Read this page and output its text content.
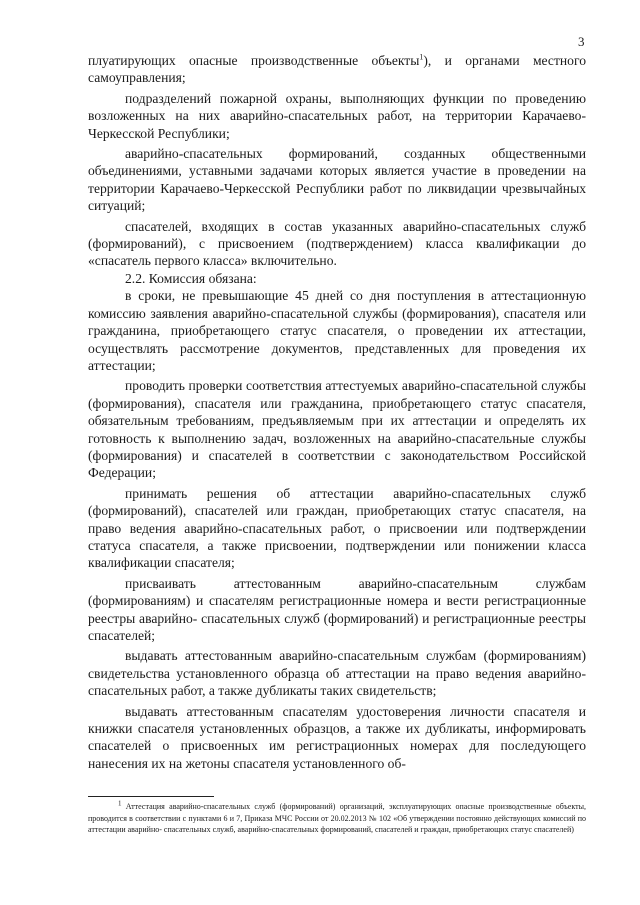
3

плуатирующих опасные производственные объекты$^1$), и органами местного самоуправления;

подразделений пожарной охраны, выполняющих функции по проведению возложенных на них аварийно-спасательных работ, на территории Карачаево-Черкесской Республики;

аварийно-спасательных формирований, созданных общественными объединениями, уставными задачами которых является участие в проведении на территории Карачаево-Черкесской Республики работ по ликвидации чрезвычайных ситуаций;

спасателей, входящих в состав указанных аварийно-спасательных служб (формирований), с присвоением (подтверждением) класса квалификации до «спасатель первого класса» включительно.

2.2. Комиссия обязана:

в сроки, не превышающие 45 дней со дня поступления в аттестационную комиссию заявления аварийно-спасательной службы (формирования), спасателя или гражданина, приобретающего статус спасателя, о проведении их аттестации, осуществлять рассмотрение документов, представленных для проведения их аттестации;

проводить проверки соответствия аттестуемых аварийно-спасательной службы (формирования), спасателя или гражданина, приобретающего статус спасателя, обязательным требованиям, предъявляемым при их аттестации и определять их готовность к выполнению задач, возложенных на аварийно-спасательные службы (формирования) и спасателей в соответствии с законодательством Российской Федерации;

принимать решения об аттестации аварийно-спасательных служб (формирований), спасателей или граждан, приобретающих статус спасателя, на право ведения аварийно-спасательных работ, о присвоении или подтверждении статуса спасателя, а также присвоении, подтверждении или понижении класса квалификации спасателя;

присваивать аттестованным аварийно-спасательным службам (формированиям) и спасателям регистрационные номера и вести регистрационные реестры аварийно- спасательных служб (формирований) и регистрационные реестры спасателей;

выдавать аттестованным аварийно-спасательным службам (формированиям) свидетельства установленного образца об аттестации на право ведения аварийно- спасательных работ, а также дубликаты таких свидетельств;

выдавать аттестованным спасателям удостоверения личности спасателя и книжки спасателя установленных образцов, а также их дубликаты, информировать спасателей о присвоенных им регистрационных номерах для последующего нанесения их на жетоны спасателя установленного об-

$^1$ Аттестация аварийно-спасательных служб (формирований) организаций, эксплуатирующих опасные производственные объекты, проводится в соответствии с пунктами 6 и 7, Приказа МЧС России от 20.02.2013 № 102 «Об утверждении постоянно действующих комиссий по аттестации аварийно- спасательных служб, аварийно-спасательных формирований, спасателей и граждан, приобретающих статус спасателей)
